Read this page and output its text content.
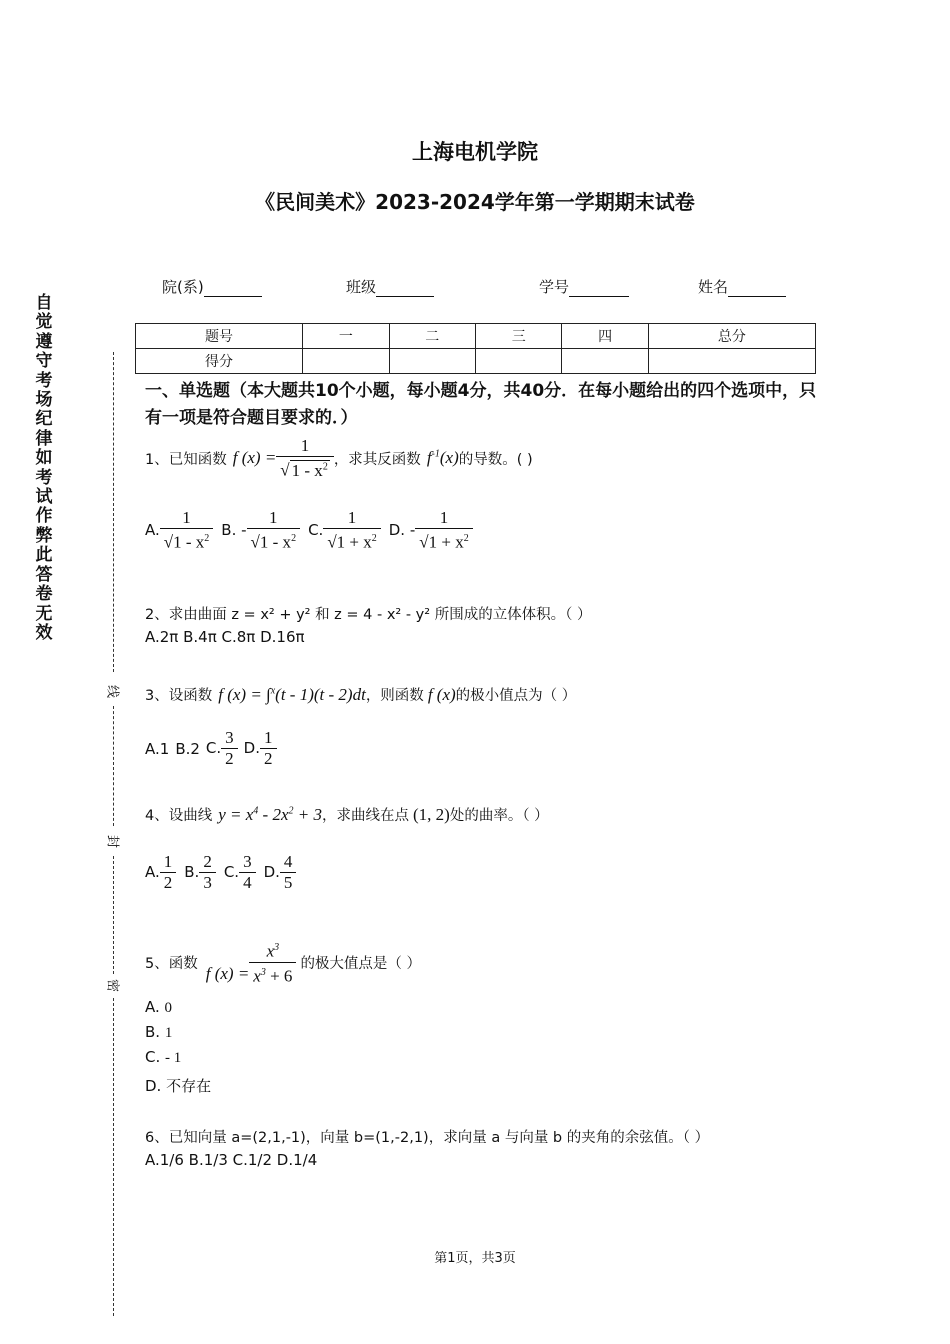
上海电机学院
《民间美术》2023-2024学年第一学期期末试卷
院(系)	班级	学号	姓名
自觉遵守考场纪律如考试作弊此答卷无效
线
封
密
题号	一	二	三	四	总分
得分					
一、单选题（本大题共10个小题，每小题4分，共40分．在每小题给出的四个选项中，只有一项是符合题目要求的．）
1、已知函数 f $(x) = \frac{1}{√ 1 - x^2}$ ，求其反函数 $f^{-1}(x)$ 的导数。( )
A. $\frac{1}{√1 - x^2} B$. - $\frac{1}{√1 - x^2} C$. $\frac{1}{√1 + x^2} D$. - $\frac{1}{√1 + x^2}$
2、求由曲面 z = x² + y² 和 z = 4 - x² - y² 所围成的立体体积。（ ）
A.2π B.4π C.8π D.16π
3、设函数 f (x) = ∫$^x$(t - 1)(t - 2)dt ，则函数 f (x) 的极小值点为（ ）
A.1 B.2 C. $\frac{3}{2} D$. $\frac{1}{2}$
4、设曲线 $y = x^4 - 2x^2 + 3$ ，求曲线在点 (1, 2) 处的曲率。（ ）
A. $\frac{1}{2} B$. $\frac{2}{3} C$. $\frac{3}{4} D$. $\frac{4}{5}$
5、函数
f $(x) = \frac{x^3}{x^3 + 6}$ 的极大值点是（ ）
A. 0
B. 1
C. - 1
D. 不存在
6、已知向量 a=(2,1,-1)，向量 b=(1,-2,1)，求向量 a 与向量 b 的夹角的余弦值。（ ）
A.1/6 B.1/3 C.1/2 D.1/4
第1页，共3页
